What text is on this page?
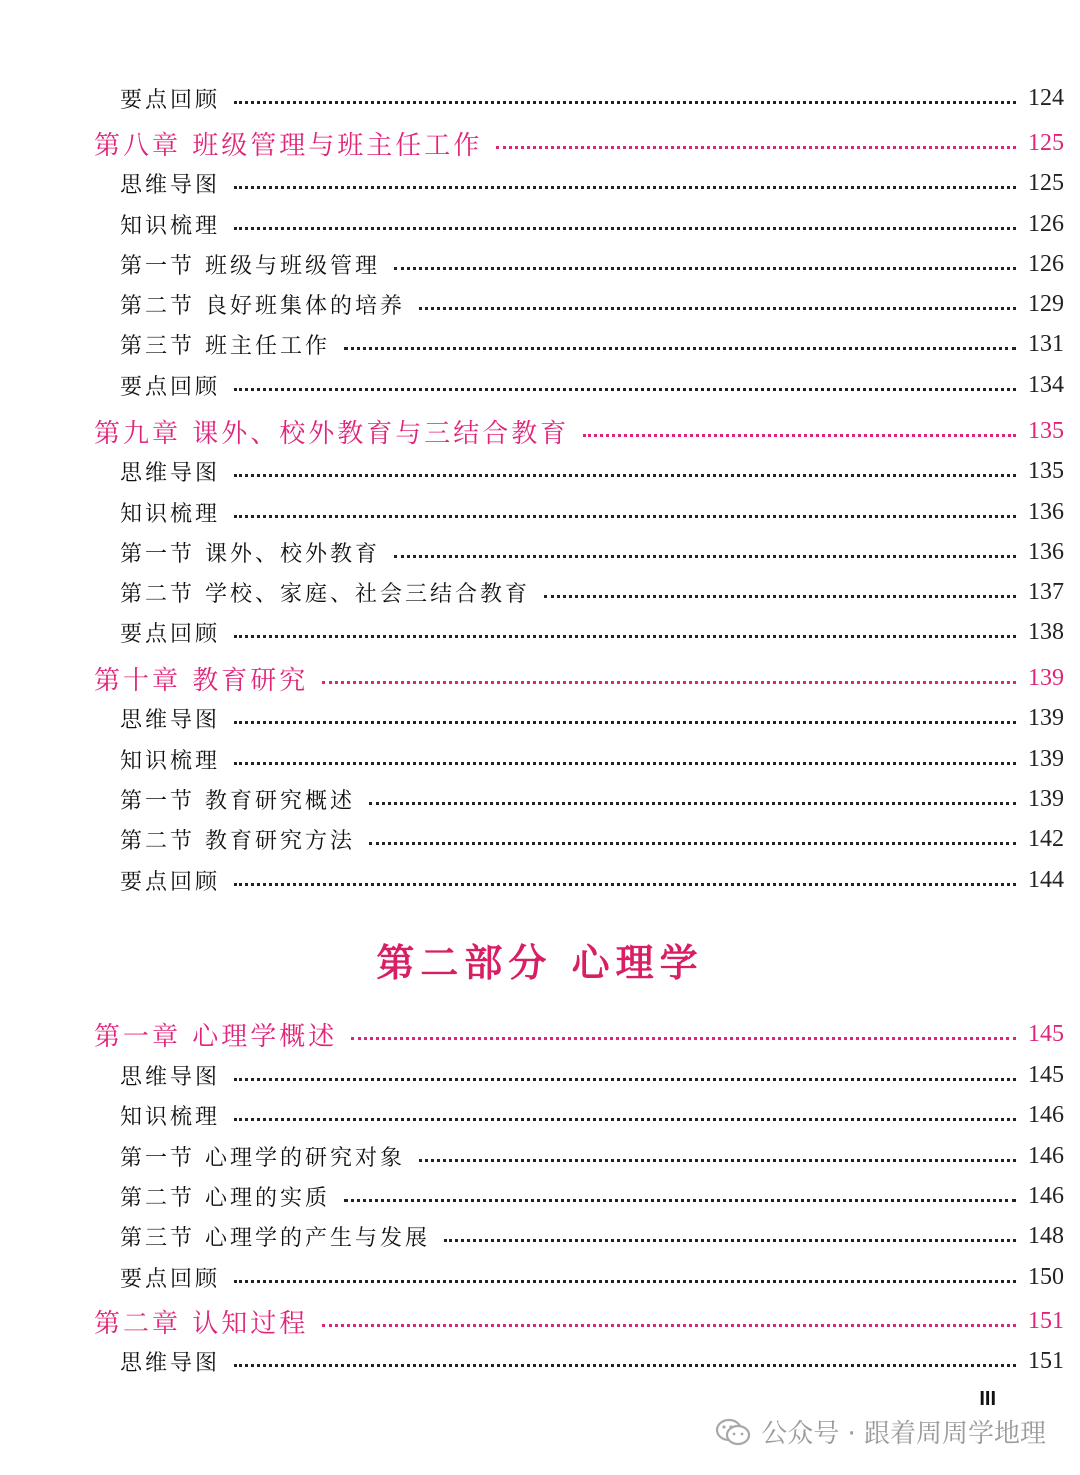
要点回顾	124
第八章 班级管理与班主任工作	125
思维导图	125
知识梳理	126
第一节 班级与班级管理	126
第二节 良好班集体的培养	129
第三节 班主任工作	131
要点回顾	134
第九章 课外、校外教育与三结合教育	135
思维导图	135
知识梳理	136
第一节 课外、校外教育	136
第二节 学校、家庭、社会三结合教育	137
要点回顾	138
第十章 教育研究	139
思维导图	139
知识梳理	139
第一节 教育研究概述	139
第二节 教育研究方法	142
要点回顾	144
第一章 心理学概述	145
思维导图	145
知识梳理	146
第一节 心理学的研究对象	146
第二节 心理的实质	146
第三节 心理学的产生与发展	148
要点回顾	150
第二章 认知过程	151
思维导图	151
第二部分 心理学
III
公众号 · 跟着周周学地理
